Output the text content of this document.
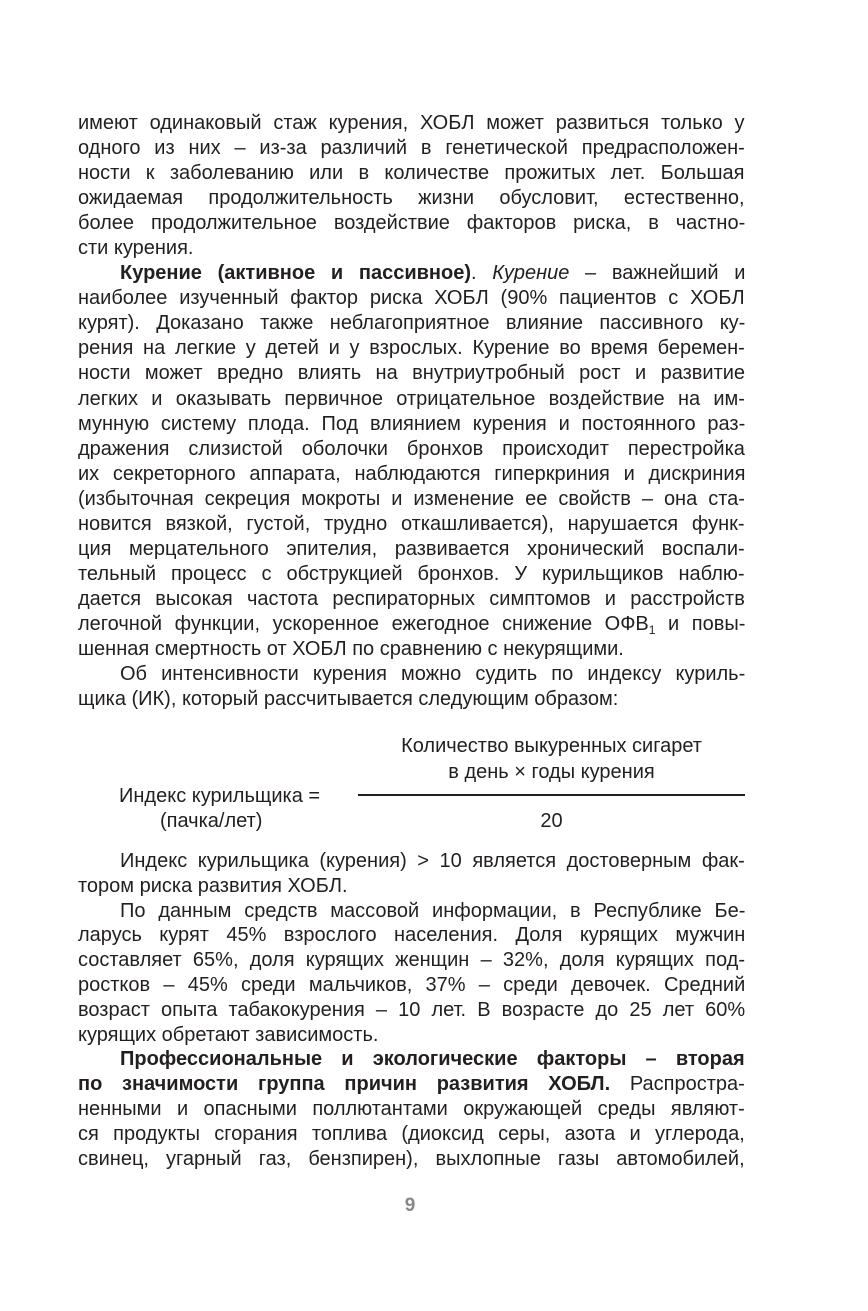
имеют одинаковый стаж курения, ХОБЛ может развиться только у
одного из них – из-за различий в генетической предрасположен-
ности к заболеванию или в количестве прожитых лет. Большая
ожидаемая продолжительность жизни обусловит, естественно,
более продолжительное воздействие факторов риска, в частно-
сти курения.
Курение (активное и пассивное). Курение – важнейший и
наиболее изученный фактор риска ХОБЛ (90% пациентов с ХОБЛ
курят). Доказано также неблагоприятное влияние пассивного ку-
рения на легкие у детей и у взрослых. Курение во время беремен-
ности может вредно влиять на внутриутробный рост и развитие
легких и оказывать первичное отрицательное воздействие на им-
мунную систему плода. Под влиянием курения и постоянного раз-
дражения слизистой оболочки бронхов происходит перестройка
их секреторного аппарата, наблюдаются гиперкриния и дискриния
(избыточная секреция мокроты и изменение ее свойств – она ста-
новится вязкой, густой, трудно откашливается), нарушается функ-
ция мерцательного эпителия, развивается хронический воспали-
тельный процесс с обструкцией бронхов. У курильщиков наблю-
дается высокая частота респираторных симптомов и расстройств
легочной функции, ускоренное ежегодное снижение $ОФВ_1$ и повы-
шенная смертность от ХОБЛ по сравнению с некурящими.
Об интенсивности курения можно судить по индексу куриль-
щика (ИК), который рассчитывается следующим образом:
Количество выкуренных сигарет
в день × годы курения
Индекс курильщика =
(пачка/лет)	20
Индекс курильщика (курения) > 10 является достоверным фак-
тором риска развития ХОБЛ.
По данным средств массовой информации, в Республике Бе-
ларусь курят 45% взрослого населения. Доля курящих мужчин
составляет 65%, доля курящих женщин – 32%, доля курящих под-
ростков – 45% среди мальчиков, 37% – среди девочек. Средний
возраст опыта табакокурения – 10 лет. В возрасте до 25 лет 60%
курящих обретают зависимость.
Профессиональные и экологические факторы – вторая
по значимости группа причин развития ХОБЛ. Распростра-
ненными и опасными поллютантами окружающей среды являют-
ся продукты сгорания топлива (диоксид серы, азота и углерода,
свинец, угарный газ, бензпирен), выхлопные газы автомобилей,
9
